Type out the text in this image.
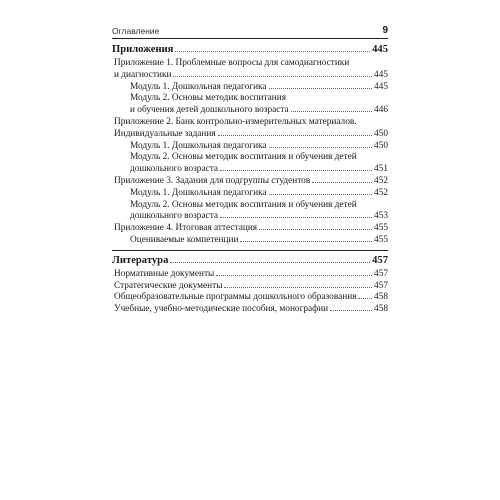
Оглавление	9
Приложения	445
Приложение 1. Проблемные вопросы для самодиагностики
и диагностики	445
Модуль 1. Дошкольная педагогика	445
Модуль 2. Основы методик воспитания
и обучения детей дошкольного возраста	446
Приложение 2. Банк контрольно-измерительных материалов.
Индивидуальные задания	450
Модуль 1. Дошкольная педагогика	450
Модуль 2. Основы методик воспитания и обучения детей
дошкольного возраста	451
Приложение 3. Задания для подгруппы студентов	452
Модуль 1. Дошкольная педагогика	452
Модуль 2. Основы методик воспитания и обучения детей
дошкольного возраста	453
Приложение 4. Итоговая аттестация	455
Оцениваемые компетенции	455
Литература	457
Нормативные документы	457
Стратегические документы	457
Общеобразовательные программы дошкольного образования 458
Учебные, учебно-методические пособия, монографии	458
